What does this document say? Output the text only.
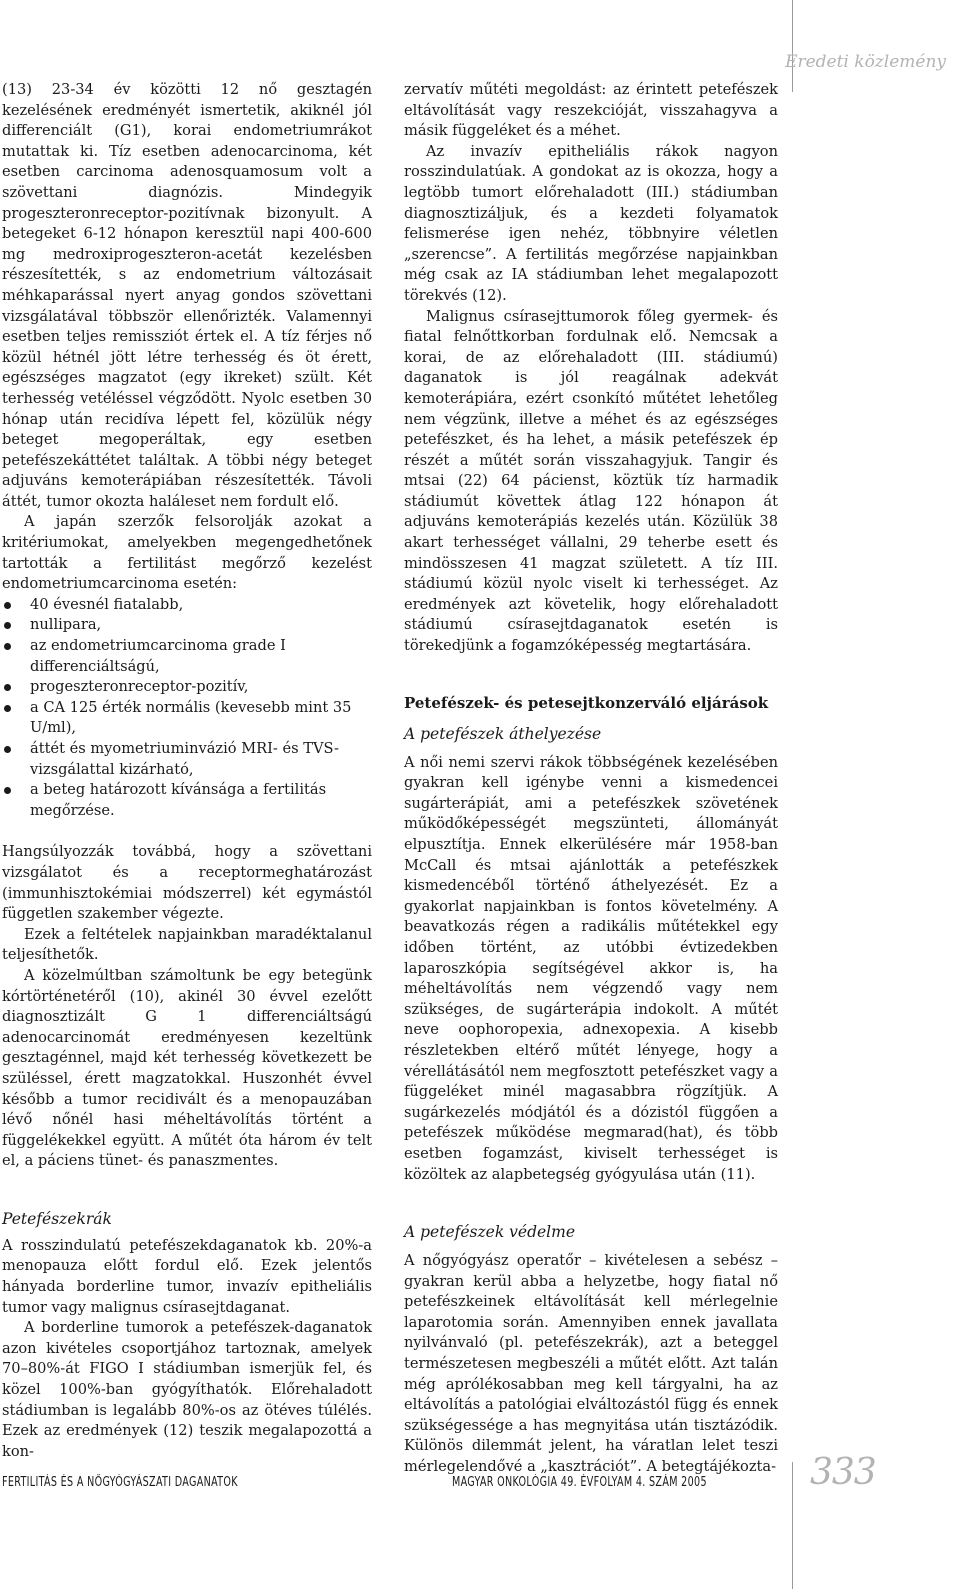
Eredeti közlemény

(13) 23-34 év közötti 12 nő gesztagén kezelésének eredményét ismertetik, akiknél jól differenciált (G1), korai endometriumrákot mutattak ki. Tíz esetben adenocarcinoma, két esetben carcinoma adenosquamosum volt a szövettani diagnózis. Mindegyik progeszteronreceptor-pozitívnak bizonyult. A betegeket 6-12 hónapon keresztül napi 400-600 mg medroxiprogeszteron-acetát kezelésben részesítették, s az endometrium változásait méhkaparással nyert anyag gondos szövettani vizsgálatával többször ellenőrizték. Valamennyi esetben teljes remissziót értek el. A tíz férjes nő közül hétnél jött létre terhesség és öt érett, egészséges magzatot (egy ikreket) szült. Két terhesség vetéléssel végződött. Nyolc esetben 30 hónap után recidíva lépett fel, közülük négy beteget megoperáltak, egy esetben petefészekáttétet találtak. A többi négy beteget adjuváns kemoterápiában részesítették. Távoli áttét, tumor okozta haláleset nem fordult elő.

A japán szerzők felsorolják azokat a kritériumokat, amelyekben megengedhetőnek tartották a fertilitást megőrző kezelést endometriumcarcinoma esetén:

40 évesnél fiatalabb,
nullipara,
az endometriumcarcinoma grade I differenciáltságú,
progeszteronreceptor-pozitív,
a CA 125 érték normális (kevesebb mint 35 U/ml),
áttét és myometriuminvázió MRI- és TVS-vizsgálattal kizárható,
a beteg határozott kívánsága a fertilitás megőrzése.

Hangsúlyozzák továbbá, hogy a szövettani vizsgálatot és a receptormeghatározást (immunhisztokémiai módszerrel) két egymástól független szakember végezte.

Ezek a feltételek napjainkban maradéktalanul teljesíthetők.

A közelmúltban számoltunk be egy betegünk kórtörténetéről (10), akinél 30 évvel ezelőtt diagnosztizált G 1 differenciáltságú adenocarcinomát eredményesen kezeltünk gesztagénnel, majd két terhesség következett be szüléssel, érett magzatokkal. Huszonhét évvel később a tumor recidivált és a menopauzában lévő nőnél hasi méheltávolítás történt a függelékekkel együtt. A műtét óta három év telt el, a páciens tünet- és panaszmentes.

Petefészekrák

A rosszindulatú petefészekdaganatok kb. 20%-a menopauza előtt fordul elő. Ezek jelentős hányada borderline tumor, invazív epitheliális tumor vagy malignus csírasejtdaganat.

A borderline tumorok a petefészek-daganatok azon kivételes csoportjához tartoznak, amelyek 70–80%-át FIGO I stádiumban ismerjük fel, és közel 100%-ban gyógyíthatók. Előrehaladott stádiumban is legalább 80%-os az ötéves túlélés. Ezek az eredmények (12) teszik megalapozottá a kon-

zervatív műtéti megoldást: az érintett petefészek eltávolítását vagy reszekcióját, visszahagyva a másik függeléket és a méhet.

Az invazív epitheliális rákok nagyon rosszindulatúak. A gondokat az is okozza, hogy a legtöbb tumort előrehaladott (III.) stádiumban diagnosztizáljuk, és a kezdeti folyamatok felismerése igen nehéz, többnyire véletlen „szerencse”. A fertilitás megőrzése napjainkban még csak az IA stádiumban lehet megalapozott törekvés (12).

Malignus csírasejttumorok főleg gyermek- és fiatal felnőttkorban fordulnak elő. Nemcsak a korai, de az előrehaladott (III. stádiumú) daganatok is jól reagálnak adekvát kemoterápiára, ezért csonkító műtétet lehetőleg nem végzünk, illetve a méhet és az egészséges petefészket, és ha lehet, a másik petefészek ép részét a műtét során visszahagyjuk. Tangir és mtsai (22) 64 pácienst, köztük tíz harmadik stádiumút követtek átlag 122 hónapon át adjuváns kemoterápiás kezelés után. Közülük 38 akart terhességet vállalni, 29 teherbe esett és mindösszesen 41 magzat született. A tíz III. stádiumú közül nyolc viselt ki terhességet. Az eredmények azt követelik, hogy előrehaladott stádiumú csírasejtdaganatok esetén is törekedjünk a fogamzóképesség megtartására.

Petefészek- és petesejtkonzerváló eljárások
A petefészek áthelyezése

A női nemi szervi rákok többségének kezelésében gyakran kell igénybe venni a kismedencei sugárterápiát, ami a petefészkek szövetének működőképességét megszünteti, állományát elpusztítja. Ennek elkerülésére már 1958-ban McCall és mtsai ajánlották a petefészkek kismedencéből történő áthelyezését. Ez a gyakorlat napjainkban is fontos követelmény. A beavatkozás régen a radikális műtétekkel egy időben történt, az utóbbi évtizedekben laparoszkópia segítségével akkor is, ha méheltávolítás nem végzendő vagy nem szükséges, de sugárterápia indokolt. A műtét neve oophoropexia, adnexopexia. A kisebb részletekben eltérő műtét lényege, hogy a vérellátásától nem megfosztott petefészket vagy a függeléket minél magasabbra rögzítjük. A sugárkezelés módjától és a dózistól függően a petefészek működése megmarad(hat), és több esetben fogamzást, kiviselt terhességet is közöltek az alapbetegség gyógyulása után (11).

A petefészek védelme

A nőgyógyász operatőr – kivételesen a sebész – gyakran kerül abba a helyzetbe, hogy fiatal nő petefészkeinek eltávolítását kell mérlegelnie laparotomia során. Amennyiben ennek javallata nyilvánvaló (pl. petefészekrák), azt a beteggel természetesen megbeszéli a műtét előtt. Azt talán még aprólékosabban meg kell tárgyalni, ha az eltávolítás a patológiai elváltozástól függ és ennek szükségessége a has megnyitása után tisztázódik. Különös dilemmát jelent, ha váratlan lelet teszi mérlegelendővé a „kasztrációt”. A betegtájékozta-

FERTILITÁS ÉS A NŐGYÓGYÁSZATI DAGANATOK	MAGYAR ONKOLÓGIA 49. ÉVFOLYAM 4. SZÁM 2005	333
